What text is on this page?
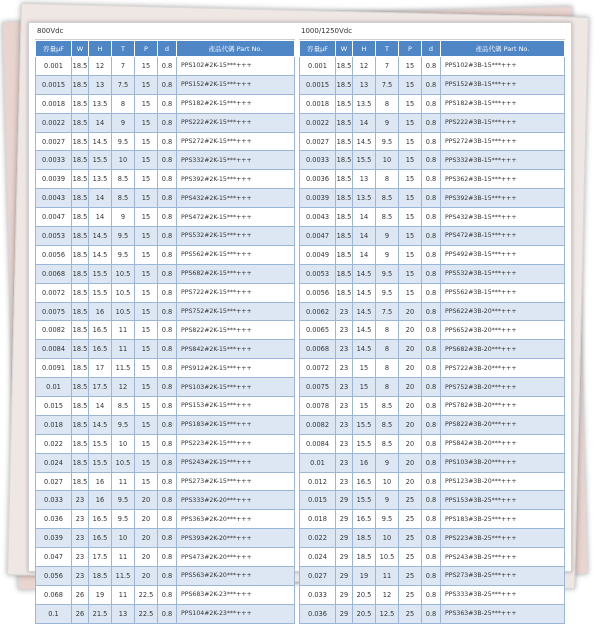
800Vdc
容量μF	W	H	T	P	d	產品代碼 Part No.
0.001	18.5	12	7	15	0.8	PPS102#2K-15***+++
0.0015	18.5	13	7.5	15	0.8	PPS152#2K-15***+++
0.0018	18.5	13.5	8	15	0.8	PPS182#2K-15***+++
0.0022	18.5	14	9	15	0.8	PPS222#2K-15***+++
0.0027	18.5	14.5	9.5	15	0.8	PPS272#2K-15***+++
0.0033	18.5	15.5	10	15	0.8	PPS332#2K-15***+++
0.0039	18.5	13.5	8.5	15	0.8	PPS392#2K-15***+++
0.0043	18.5	14	8.5	15	0.8	PPS432#2K-15***+++
0.0047	18.5	14	9	15	0.8	PPS472#2K-15***+++
0.0053	18.5	14.5	9.5	15	0.8	PPS532#2K-15***+++
0.0056	18.5	14.5	9.5	15	0.8	PPS562#2K-15***+++
0.0068	18.5	15.5	10.5	15	0.8	PPS682#2K-15***+++
0.0072	18.5	15.5	10.5	15	0.8	PPS722#2K-15***+++
0.0075	18.5	16	10.5	15	0.8	PPS752#2K-15***+++
0.0082	18.5	16.5	11	15	0.8	PPS822#2K-15***+++
0.0084	18.5	16.5	11	15	0.8	PPS842#2K-15***+++
0.0091	18.5	17	11.5	15	0.8	PPS912#2K-15***+++
0.01	18.5	17.5	12	15	0.8	PPS103#2K-15***+++
0.015	18.5	14	8.5	15	0.8	PPS153#2K-15***+++
0.018	18.5	14.5	9.5	15	0.8	PPS183#2K-15***+++
0.022	18.5	15.5	10	15	0.8	PPS223#2K-15***+++
0.024	18.5	15.5	10.5	15	0.8	PPS243#2K-15***+++
0.027	18.5	16	11	15	0.8	PPS273#2K-15***+++
0.033	23	16	9.5	20	0.8	PPS333#2K-20***+++
0.036	23	16.5	9.5	20	0.8	PPS363#2K-20***+++
0.039	23	16.5	10	20	0.8	PPS393#2K-20***+++
0.047	23	17.5	11	20	0.8	PPS473#2K-20***+++
0.056	23	18.5	11.5	20	0.8	PPS563#2K-20***+++
0.068	26	19	11	22.5	0.8	PPS683#2K-23***+++
0.1	26	21.5	13	22.5	0.8	PPS104#2K-23***+++
1000/1250Vdc
容量μF	W	H	T	P	d	產品代碼 Part No.
0.001	18.5	12	7	15	0.8	PPS102#3B-15***+++
0.0015	18.5	13	7.5	15	0.8	PPS152#3B-15***+++
0.0018	18.5	13.5	8	15	0.8	PPS182#3B-15***+++
0.0022	18.5	14	9	15	0.8	PPS222#3B-15***+++
0.0027	18.5	14.5	9.5	15	0.8	PPS272#3B-15***+++
0.0033	18.5	15.5	10	15	0.8	PPS332#3B-15***+++
0.0036	18.5	13	8	15	0.8	PPS362#3B-15***+++
0.0039	18.5	13.5	8.5	15	0.8	PPS392#3B-15***+++
0.0043	18.5	14	8.5	15	0.8	PPS432#3B-15***+++
0.0047	18.5	14	9	15	0.8	PPS472#3B-15***+++
0.0049	18.5	14	9	15	0.8	PPS492#3B-15***+++
0.0053	18.5	14.5	9.5	15	0.8	PPS532#3B-15***+++
0.0056	18.5	14.5	9.5	15	0.8	PPS562#3B-15***+++
0.0062	23	14.5	7.5	20	0.8	PPS622#3B-20***+++
0.0065	23	14.5	8	20	0.8	PPS652#3B-20***+++
0.0068	23	14.5	8	20	0.8	PPS682#3B-20***+++
0.0072	23	15	8	20	0.8	PPS722#3B-20***+++
0.0075	23	15	8	20	0.8	PPS752#3B-20***+++
0.0078	23	15	8.5	20	0.8	PPS782#3B-20***+++
0.0082	23	15.5	8.5	20	0.8	PPS822#3B-20***+++
0.0084	23	15.5	8.5	20	0.8	PPS842#3B-20***+++
0.01	23	16	9	20	0.8	PPS103#3B-20***+++
0.012	23	16.5	10	20	0.8	PPS123#3B-20***+++
0.015	29	15.5	9	25	0.8	PPS153#3B-25***+++
0.018	29	16.5	9.5	25	0.8	PPS183#3B-25***+++
0.022	29	18.5	10	25	0.8	PPS223#3B-25***+++
0.024	29	18.5	10.5	25	0.8	PPS243#3B-25***+++
0.027	29	19	11	25	0.8	PPS273#3B-25***+++
0.033	29	20.5	12	25	0.8	PPS333#3B-25***+++
0.036	29	20.5	12.5	25	0.8	PPS363#3B-25***+++
